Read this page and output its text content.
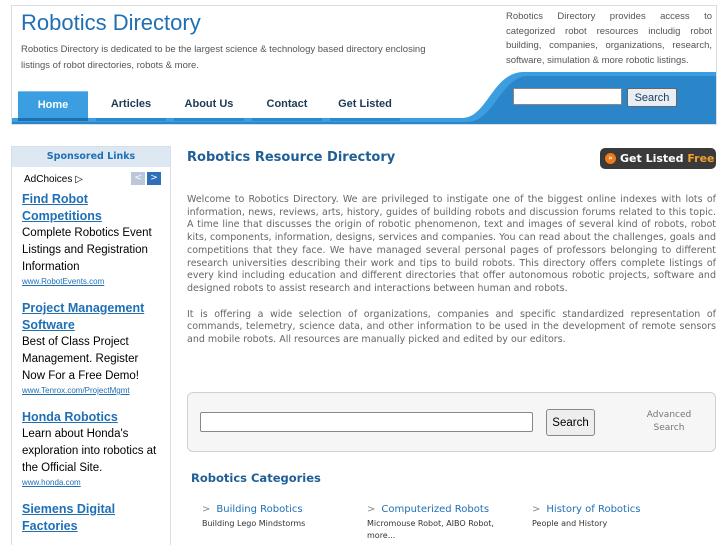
Robotics Directory
Robotics Directory is dedicated to be the largest science & technology based directory enclosing listings of robot directories, robots & more.
Robotics Directory provides access to categorized robot resources includig robot building, companies, organizations, research, software, simulation & more robotic listings.
Home	Articles	About Us	Contact	Get Listed
Search
Sponsored Links
AdChoices ▷	< >
Find Robot Competitions
Complete Robotics Event Listings and Registration Information
www.RobotEvents.com
Project Management Software
Best of Class Project Management. Register Now For a Free Demo!
www.Tenrox.com/ProjectMgmt
Honda Robotics
Learn about Honda's exploration into robotics at the Official Site.
www.honda.com
Siemens Digital Factories
Robotics Resource Directory	» Get Listed Free

Welcome to Robotics Directory. We are privileged to instigate one of the biggest online indexes with lots of information, news, reviews, arts, history, guides of building robots and discussion forums related to this topic. A time line that discusses the origin of robotic phenomenon, text and images of several kind of robots, robot kits, components, information, designs, services and companies. You can read about the challenges, goals and competitions that they face. We have managed several personal pages of professors belonging to different research universities describing their work and tips to build robots. This directory offers complete listings of every kind including education and different directories that offer autonomous robotic projects, software and designed robots to assist research and interactions between human and robots.

It is offering a wide selection of organizations, companies and specific standardized representation of commands, telemetry, science data, and other information to be used in the development of remote sensors and mobile robots. All resources are manually picked and edited by our editors.

Search
Advanced Search
Robotics Categories
> Building Robotics
Building Lego Mindstorms
> Computerized Robots
Micromouse Robot, AIBO Robot, more...
> History of Robotics
People and History
